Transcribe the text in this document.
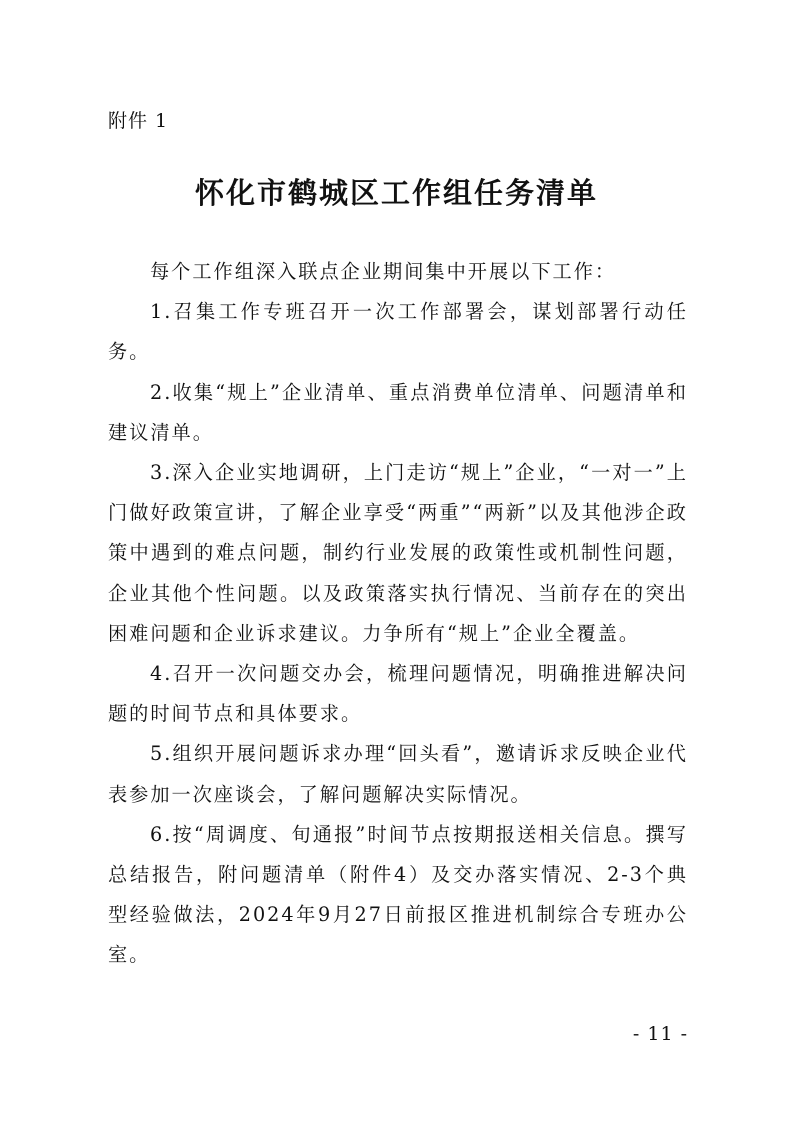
附件 1
怀化市鹤城区工作组任务清单

每个工作组深入联点企业期间集中开展以下工作：

1.召集工作专班召开一次工作部署会，谋划部署行动任务。

2.收集“规上”企业清单、重点消费单位清单、问题清单和建议清单。

3.深入企业实地调研，上门走访“规上”企业，“一对一”上门做好政策宣讲，了解企业享受“两重”“两新”以及其他涉企政策中遇到的难点问题，制约行业发展的政策性或机制性问题，企业其他个性问题。以及政策落实执行情况、当前存在的突出困难问题和企业诉求建议。力争所有“规上”企业全覆盖。

4.召开一次问题交办会，梳理问题情况，明确推进解决问题的时间节点和具体要求。

5.组织开展问题诉求办理“回头看”，邀请诉求反映企业代表参加一次座谈会，了解问题解决实际情况。

6.按“周调度、旬通报”时间节点按期报送相关信息。撰写总结报告，附问题清单（附件4）及交办落实情况、2-3个典型经验做法，2024年9月27日前报区推进机制综合专班办公室。

- 11 -
